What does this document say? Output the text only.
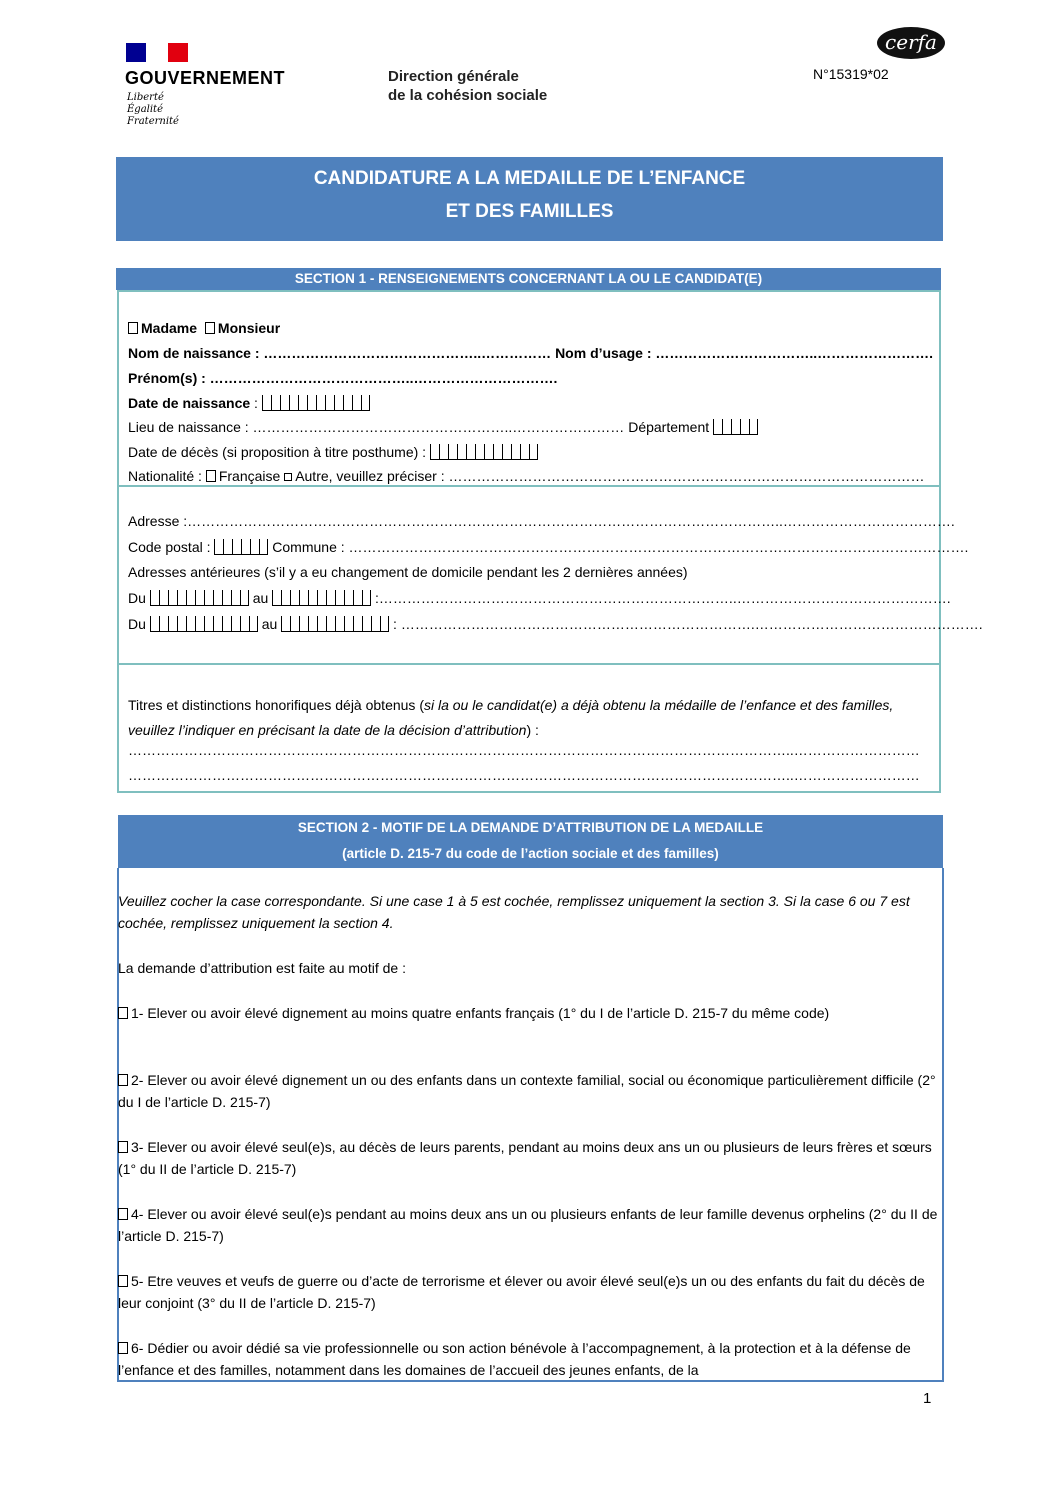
GOUVERNEMENT
Liberté
Égalité
Fraternité
Direction générale
de la cohésion sociale
cerfa
N°15319*02
CANDIDATURE A LA MEDAILLE DE L’ENFANCE
ET DES FAMILLES
SECTION 1 - RENSEIGNEMENTS CONCERNANT LA OU LE CANDIDAT(E)
Madame Monsieur
Nom de naissance : ………………………………………..…………… Nom d’usage : ……………………………..…………………….
Prénom(s) : ……………………………………..………………………….
Date de naissance :
Lieu de naissance : ………………………………………………..…………………… Département
Date de décès (si proposition à titre posthume) :
Nationalité : Française Autre, veuillez préciser : …………………………………………………………………………………………
Adresse :………………………………………………………………………………………………………………..……………………………….
Code postal :	Commune : …………………………………………………………………………………………………………………….
Adresses antérieures (s’il y a eu changement de domicile pendant les 2 dernières années)
Du	au	:…………………………………………………………………..……………………………………….
Du	au	: ………………………………………………………………….………………………………………….
Titres et distinctions honorifiques déjà obtenus (si la ou le candidat(e) a déjà obtenu la médaille de l’enfance et des familles, veuillez l’indiquer en précisant la date de la décision d’attribution) :
……………………………………………………………………………………………………………………………..………………………
……………………………………………………………………………………………………………………………..………………………
SECTION 2 - MOTIF DE LA DEMANDE D’ATTRIBUTION DE LA MEDAILLE
(article D. 215-7 du code de l’action sociale et des familles)
Veuillez cocher la case correspondante. Si une case 1 à 5 est cochée, remplissez uniquement la section 3. Si la case 6 ou 7 est cochée, remplissez uniquement la section 4.
La demande d’attribution est faite au motif de :
1- Elever ou avoir élevé dignement au moins quatre enfants français (1° du I de l’article D. 215-7 du même code)
2- Elever ou avoir élevé dignement un ou des enfants dans un contexte familial, social ou économique particulièrement difficile (2° du I de l’article D. 215-7)
3- Elever ou avoir élevé seul(e)s, au décès de leurs parents, pendant au moins deux ans un ou plusieurs de leurs frères et sœurs (1° du II de l’article D. 215-7)
4- Elever ou avoir élevé seul(e)s pendant au moins deux ans un ou plusieurs enfants de leur famille devenus orphelins (2° du II de l’article D. 215-7)
5- Etre veuves et veufs de guerre ou d’acte de terrorisme et élever ou avoir élevé seul(e)s un ou des enfants du fait du décès de leur conjoint (3° du II de l’article D. 215-7)
6- Dédier ou avoir dédié sa vie professionnelle ou son action bénévole à l’accompagnement, à la protection et à la défense de l’enfance et des familles, notamment dans les domaines de l’accueil des jeunes enfants, de la
1
